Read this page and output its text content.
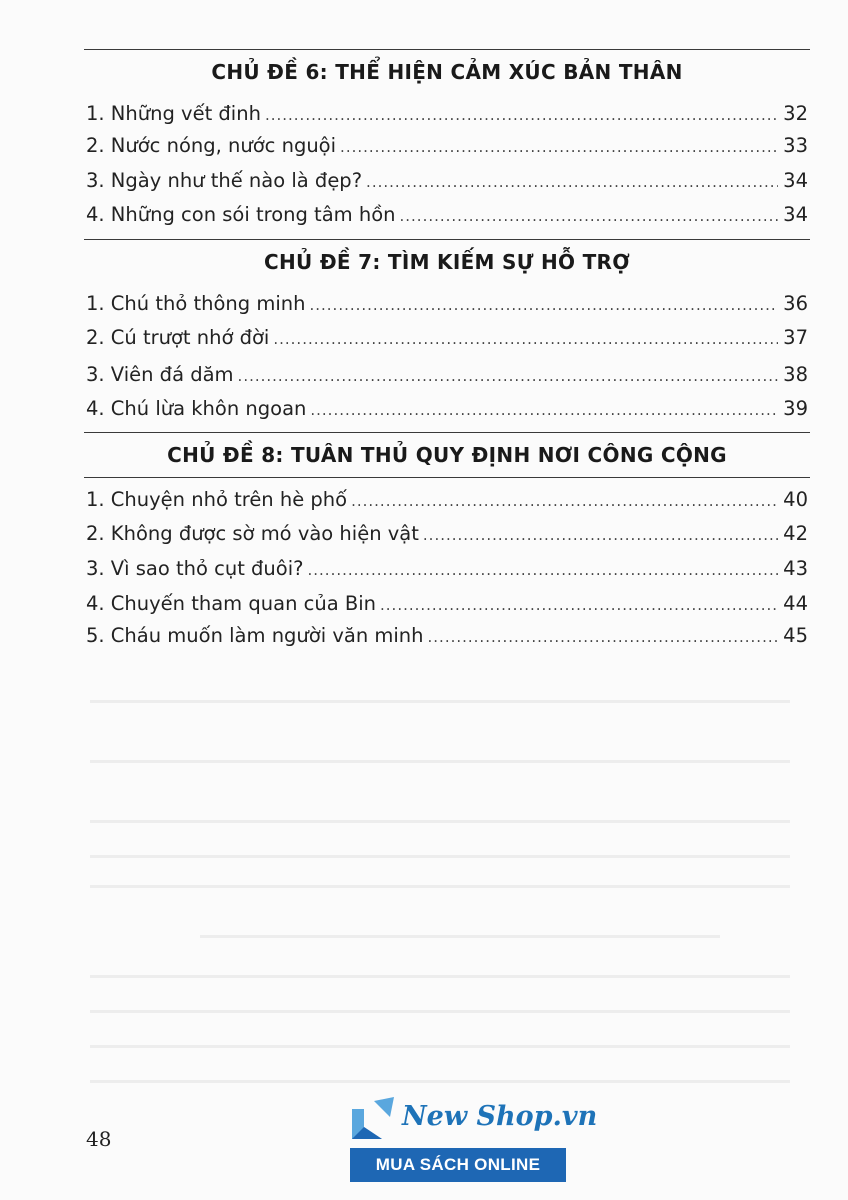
CHỦ ĐỀ 6: THỂ HIỆN CẢM XÚC BẢN THÂN
1. Những vết đinh .....	32
2. Nước nóng, nước nguội .....	33
3. Ngày như thế nào là đẹp? .....	34
4. Những con sói trong tâm hồn .....	34
CHỦ ĐỀ 7: TÌM KIẾM SỰ HỖ TRỢ
1. Chú thỏ thông minh .....	36
2. Cú trượt nhớ đời .....	37
3. Viên đá dăm .....	38
4. Chú lừa khôn ngoan .....	39
CHỦ ĐỀ 8: TUÂN THỦ QUY ĐỊNH NƠI CÔNG CỘNG
1. Chuyện nhỏ trên hè phố .....	40
2. Không được sờ mó vào hiện vật .....	42
3. Vì sao thỏ cụt đuôi? .....	43
4. Chuyến tham quan của Bin .....	44
5. Cháu muốn làm người văn minh .....	45
48
New Shop.vn
MUA SÁCH ONLINE
